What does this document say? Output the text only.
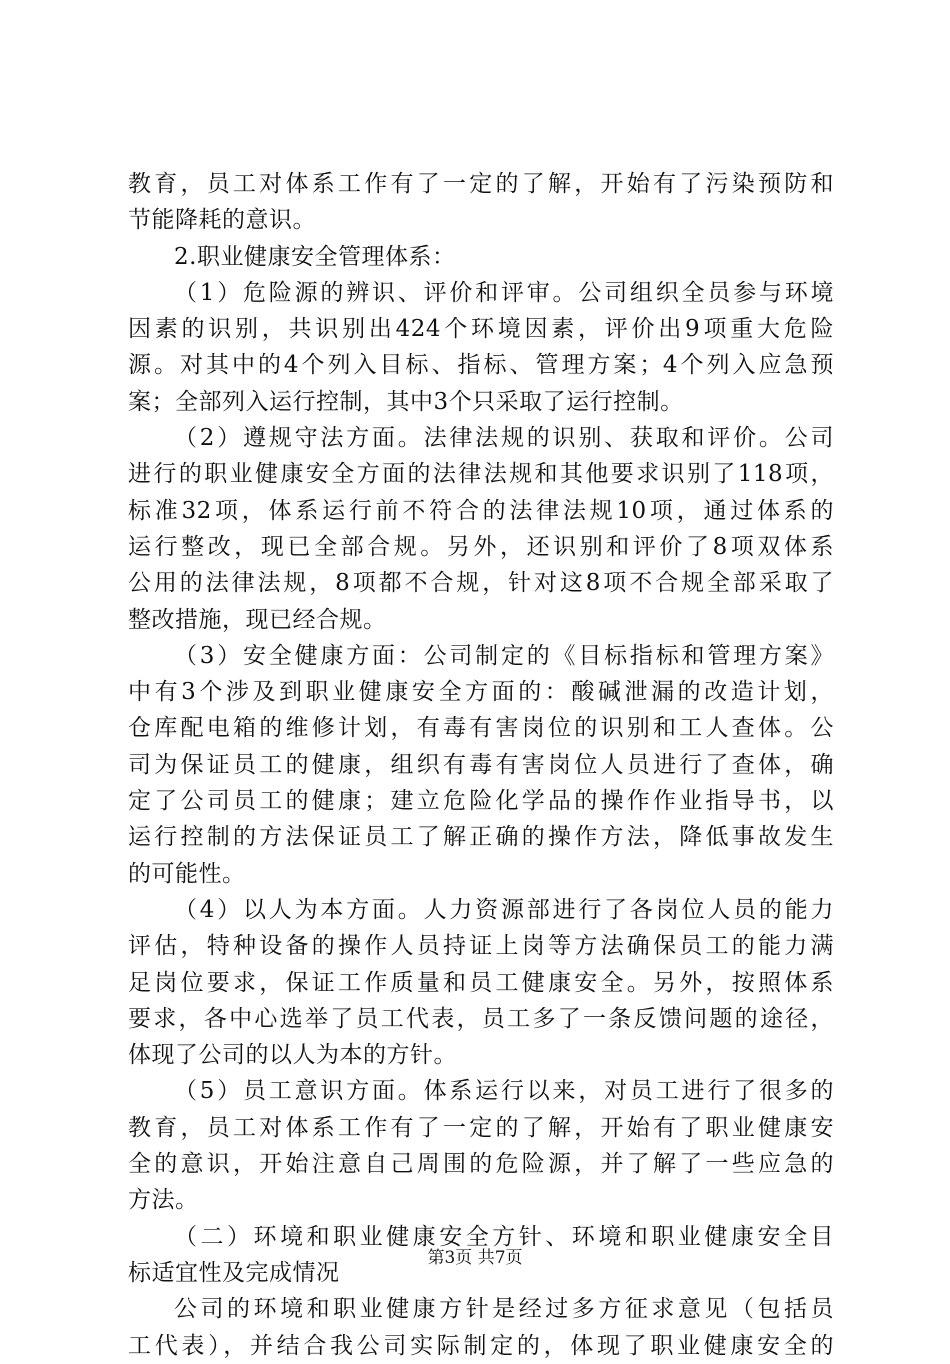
教育，员工对体系工作有了一定的了解，开始有了污染预防和
节能降耗的意识。
2.职业健康安全管理体系：
（1）危险源的辨识、评价和评审。公司组织全员参与环境
因素的识别，共识别出424个环境因素，评价出9项重大危险
源。对其中的4个列入目标、指标、管理方案；4个列入应急预
案；全部列入运行控制，其中3个只采取了运行控制。
（2）遵规守法方面。法律法规的识别、获取和评价。公司
进行的职业健康安全方面的法律法规和其他要求识别了118项，
标准32项，体系运行前不符合的法律法规10项，通过体系的
运行整改，现已全部合规。另外，还识别和评价了8项双体系
公用的法律法规，8项都不合规，针对这8项不合规全部采取了
整改措施，现已经合规。
（3）安全健康方面：公司制定的《目标指标和管理方案》
中有3个涉及到职业健康安全方面的：酸碱泄漏的改造计划，
仓库配电箱的维修计划，有毒有害岗位的识别和工人查体。公
司为保证员工的健康，组织有毒有害岗位人员进行了查体，确
定了公司员工的健康；建立危险化学品的操作作业指导书，以
运行控制的方法保证员工了解正确的操作方法，降低事故发生
的可能性。
（4）以人为本方面。人力资源部进行了各岗位人员的能力
评估，特种设备的操作人员持证上岗等方法确保员工的能力满
足岗位要求，保证工作质量和员工健康安全。另外，按照体系
要求，各中心选举了员工代表，员工多了一条反馈问题的途径，
体现了公司的以人为本的方针。
（5）员工意识方面。体系运行以来，对员工进行了很多的
教育，员工对体系工作有了一定的了解，开始有了职业健康安
全的意识，开始注意自己周围的危险源，并了解了一些应急的
方法。
（二）环境和职业健康安全方针、环境和职业健康安全目
标适宜性及完成情况
公司的环境和职业健康方针是经过多方征求意见（包括员
工代表），并结合我公司实际制定的，体现了职业健康安全的
第3页 共7页
